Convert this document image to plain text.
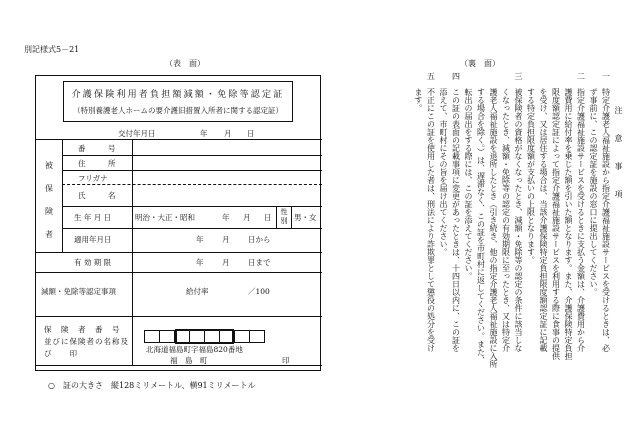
別記様式5－21
（表　面）	（裏　面）
介護保険利用者負担額減額・免除等認定証
（特別養護老人ホームの要介護旧措置入所者に関する認定証）
交付年月日	年 月 日
被
保
険
者
番　　　号
住　　　所
フリガナ
氏　　　名
生 年 月 日	明治・大正・昭和	年 月 日
性別 男・女
適用年月日	年 月 日から
有 効 期 限	年 月 日まで
減額・免除等認定事項	給付率	／100
保　険　者　番　号
並びに保険者の名称及
び　　印	北海道福島町字福島820番地
福　島　町	印
○　証の大きさ　縦128ミリメートル、横91ミリメートル

注　意　事　項

一　特定介護老人福祉施設から指定介護福祉施設サービスを受けるときは、必

　　ず事前に、この認定証を施設の窓口に提出してください。

二　指定介護福祉施設サービスを受けるときに支払う金額は、介護費用から介

　　護費用に給付率を乗じた額を引いた額となります。また、介護保険特定負担

　　限度額認定証によって指定介護福祉施設サービスを利用する際に食事の提供

　　を受け、又は居住する場合は、当該介護保険特定負担限度額認定証に記載

　　する特定負担限度額が支払いの上限となります。

三　被保険者の資格がなくなったとき、減額・免除等の認定の条件に該当しな

　　くなったとき、減額・免除等の認定の有効期限に至ったとき、又は特定介

　　護老人福祉施設を退所したとき（引き続き、他の指定介護老人福祉施設に入所

　　する場合を除く。）は、遅滞なく、この証を市町村に返してください。また、

　　転出の届出をする際には、この証を添えてください。

四　この証の表面の記載事項に変更があったときは、十四日以内に、この証を

　　添えて、市町村にその旨を届け出てください。

五　不正にこの証を使用した者は、刑法により詐欺罪として懲役の処分を受け

　　ます。
